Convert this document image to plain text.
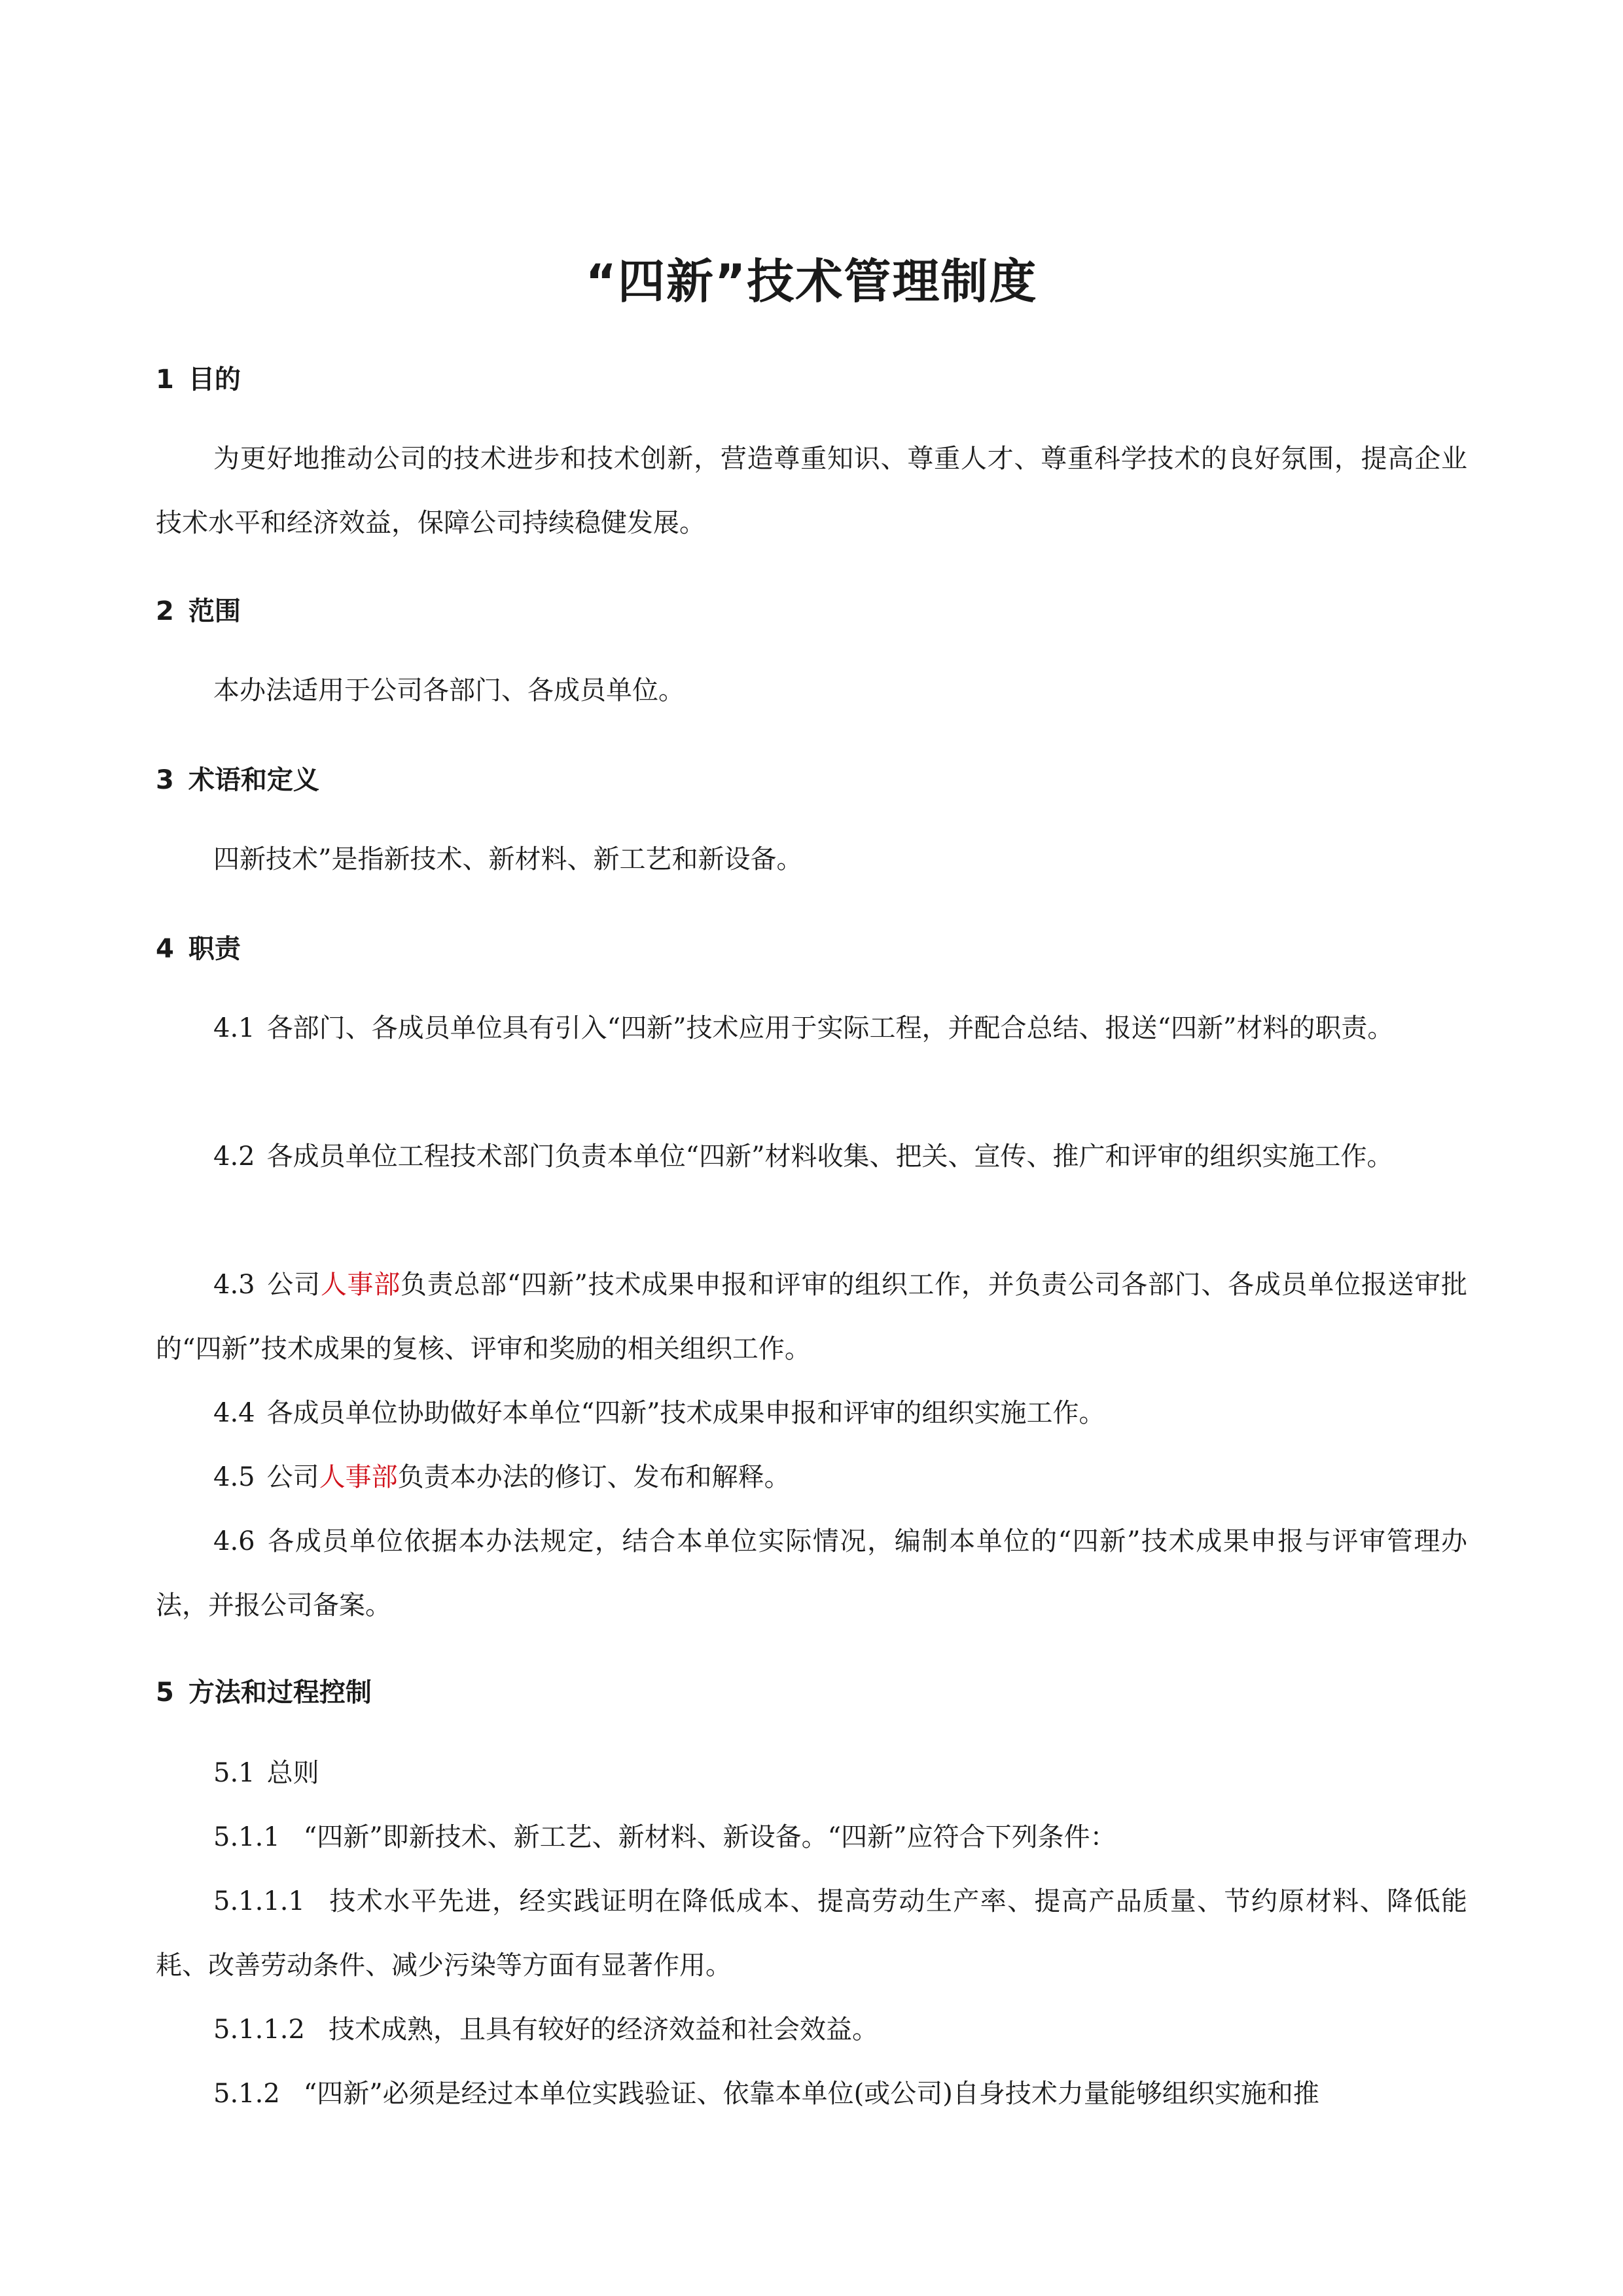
“四新”技术管理制度
1 目的

为更好地推动公司的技术进步和技术创新，营造尊重知识、尊重人才、尊重科学技术的良好氛围，提高企业技术水平和经济效益，保障公司持续稳健发展。

2 范围

本办法适用于公司各部门、各成员单位。

3 术语和定义

四新技术”是指新技术、新材料、新工艺和新设备。

4 职责

4.1 各部门、各成员单位具有引入“四新”技术应用于实际工程，并配合总结、报送“四新”材料的职责。

4.2 各成员单位工程技术部门负责本单位“四新”材料收集、把关、宣传、推广和评审的组织实施工作。

4.3 公司人事部负责总部“四新”技术成果申报和评审的组织工作，并负责公司各部门、各成员单位报送审批的“四新”技术成果的复核、评审和奖励的相关组织工作。

4.4 各成员单位协助做好本单位“四新”技术成果申报和评审的组织实施工作。

4.5 公司人事部负责本办法的修订、发布和解释。

4.6 各成员单位依据本办法规定，结合本单位实际情况，编制本单位的“四新”技术成果申报与评审管理办法，并报公司备案。

5 方法和过程控制

5.1 总则

5.1.1 “四新”即新技术、新工艺、新材料、新设备。“四新”应符合下列条件：

5.1.1.1 技术水平先进，经实践证明在降低成本、提高劳动生产率、提高产品质量、节约原材料、降低能耗、改善劳动条件、减少污染等方面有显著作用。

5.1.1.2 技术成熟，且具有较好的经济效益和社会效益。

5.1.2 “四新”必须是经过本单位实践验证、依靠本单位(或公司)自身技术力量能够组织实施和推
